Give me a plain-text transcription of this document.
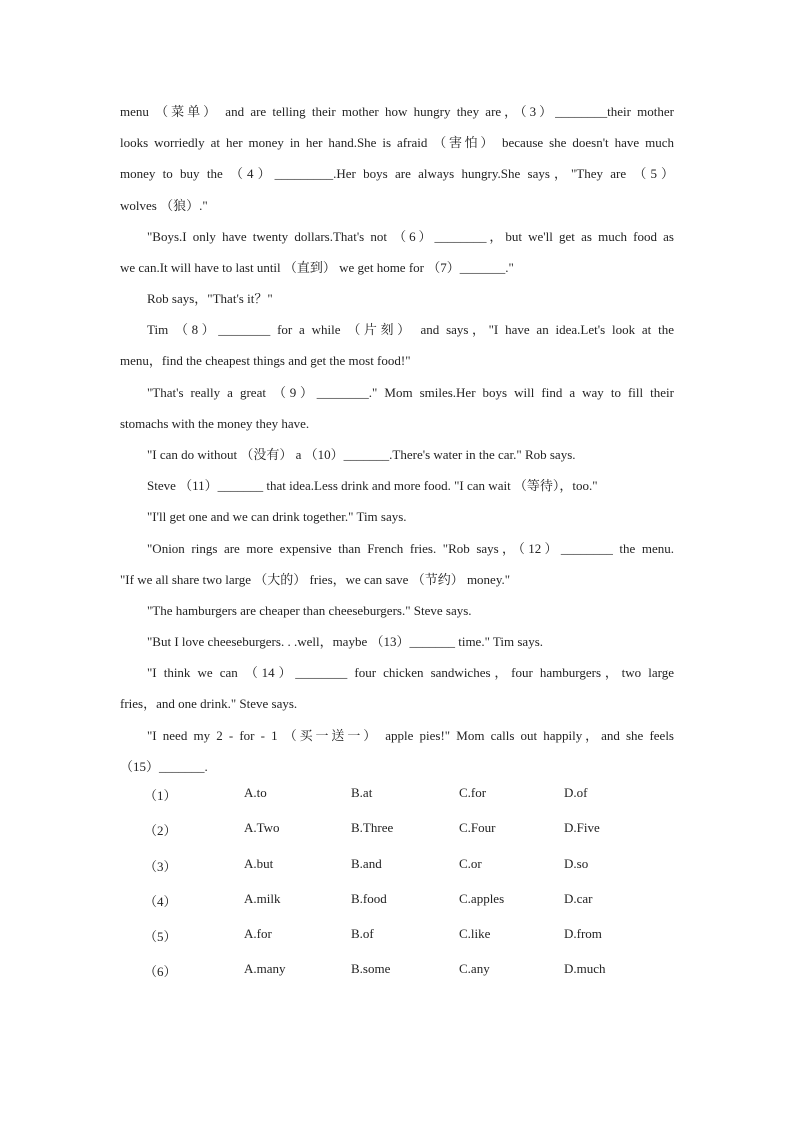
menu （菜单） and are telling their mother how hungry they are，（3）________their mother
looks worriedly at her money in her hand.She is afraid （害怕） because she doesn't have much
money to buy the （4）_________.Her boys are always hungry.She says，"They are （5）
wolves （狼）."
"Boys.I only have twenty dollars.That's not （6）________，but we'll get as much food as
we can.It will have to last until （直到） we get home for （7）_______."
Rob says，"That's it？"
Tim （8）________ for a while （片刻） and says，"I have an idea.Let's look at the
menu，find the cheapest things and get the most food!"
"That's really a great （9）________." Mom smiles.Her boys will find a way to fill their
stomachs with the money they have.
"I can do without （没有） a （10）_______.There's water in the car." Rob says.
Steve （11）_______ that idea.Less drink and more food. "I can wait （等待），too."
"I'll get one and we can drink together." Tim says.
"Onion rings are more expensive than French fries. "Rob says，（12）________ the menu.
"If we all share two large （大的） fries，we can save （节约） money."
"The hamburgers are cheaper than cheeseburgers." Steve says.
"But I love cheeseburgers. . .well，maybe （13）_______ time." Tim says.
"I think we can （14）________ four chicken sandwiches，four hamburgers，two large
fries，and one drink." Steve says.
"I need my 2 - for - 1 （买一送一） apple pies!" Mom calls out happily，and she feels
（15）_______.
（1）	A.to	B.at	C.for	D.of
（2）	A.Two	B.Three	C.Four	D.Five
（3）	A.but	B.and	C.or	D.so
（4）	A.milk	B.food	C.apples	D.car
（5）	A.for	B.of	C.like	D.from
（6）	A.many	B.some	C.any	D.much
